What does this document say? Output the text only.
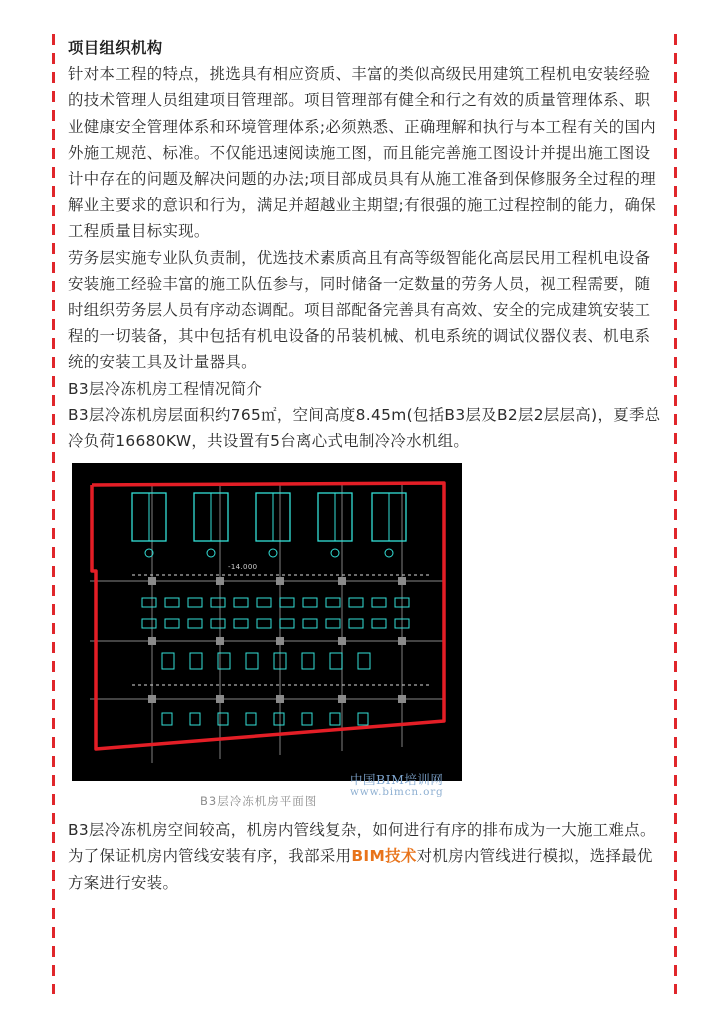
项目组织机构

针对本工程的特点，挑选具有相应资质、丰富的类似高级民用建筑工程机电安装经验的技术管理人员组建项目管理部。项目管理部有健全和行之有效的质量管理体系、职业健康安全管理体系和环境管理体系;必须熟悉、正确理解和执行与本工程有关的国内外施工规范、标准。不仅能迅速阅读施工图，而且能完善施工图设计并提出施工图设计中存在的问题及解决问题的办法;项目部成员具有从施工准备到保修服务全过程的理解业主要求的意识和行为，满足并超越业主期望;有很强的施工过程控制的能力，确保工程质量目标实现。

劳务层实施专业队负责制，优选技术素质高且有高等级智能化高层民用工程机电设备安装施工经验丰富的施工队伍参与，同时储备一定数量的劳务人员，视工程需要，随时组织劳务层人员有序动态调配。项目部配备完善具有高效、安全的完成建筑安装工程的一切装备，其中包括有机电设备的吊装机械、机电系统的调试仪器仪表、机电系统的安装工具及计量器具。

B3层冷冻机房工程情况简介

B3层冷冻机房层面积约765㎡，空间高度8.45m(包括B3层及B2层2层层高)，夏季总冷负荷16680KW，共设置有5台离心式电制冷冷水机组。

-14.000
B3层冷冻机房平面图
中国BIM培训网
www.bimcn.org

B3层冷冻机房空间较高，机房内管线复杂，如何进行有序的排布成为一大施工难点。为了保证机房内管线安装有序，我部采用BIM技术对机房内管线进行模拟，选择最优方案进行安装。
